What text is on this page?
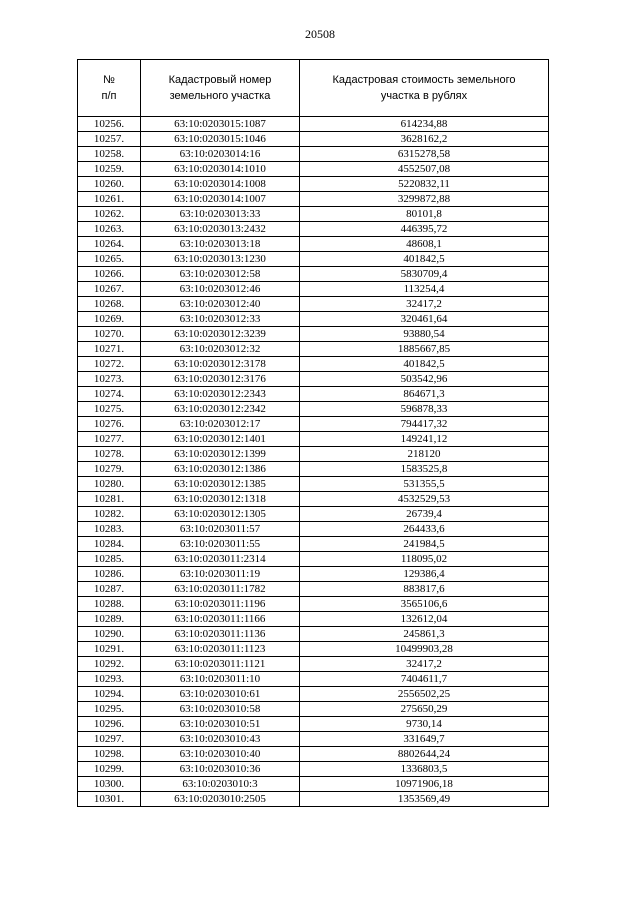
20508
№
п/п	Кадастровый номер земельного участка	Кадастровая стоимость земельного участка в рублях
10256.	63:10:0203015:1087	614234,88
10257.	63:10:0203015:1046	3628162,2
10258.	63:10:0203014:16	6315278,58
10259.	63:10:0203014:1010	4552507,08
10260.	63:10:0203014:1008	5220832,11
10261.	63:10:0203014:1007	3299872,88
10262.	63:10:0203013:33	80101,8
10263.	63:10:0203013:2432	446395,72
10264.	63:10:0203013:18	48608,1
10265.	63:10:0203013:1230	401842,5
10266.	63:10:0203012:58	5830709,4
10267.	63:10:0203012:46	113254,4
10268.	63:10:0203012:40	32417,2
10269.	63:10:0203012:33	320461,64
10270.	63:10:0203012:3239	93880,54
10271.	63:10:0203012:32	1885667,85
10272.	63:10:0203012:3178	401842,5
10273.	63:10:0203012:3176	503542,96
10274.	63:10:0203012:2343	864671,3
10275.	63:10:0203012:2342	596878,33
10276.	63:10:0203012:17	794417,32
10277.	63:10:0203012:1401	149241,12
10278.	63:10:0203012:1399	218120
10279.	63:10:0203012:1386	1583525,8
10280.	63:10:0203012:1385	531355,5
10281.	63:10:0203012:1318	4532529,53
10282.	63:10:0203012:1305	26739,4
10283.	63:10:0203011:57	264433,6
10284.	63:10:0203011:55	241984,5
10285.	63:10:0203011:2314	118095,02
10286.	63:10:0203011:19	129386,4
10287.	63:10:0203011:1782	883817,6
10288.	63:10:0203011:1196	3565106,6
10289.	63:10:0203011:1166	132612,04
10290.	63:10:0203011:1136	245861,3
10291.	63:10:0203011:1123	10499903,28
10292.	63:10:0203011:1121	32417,2
10293.	63:10:0203011:10	7404611,7
10294.	63:10:0203010:61	2556502,25
10295.	63:10:0203010:58	275650,29
10296.	63:10:0203010:51	9730,14
10297.	63:10:0203010:43	331649,7
10298.	63:10:0203010:40	8802644,24
10299.	63:10:0203010:36	1336803,5
10300.	63:10:0203010:3	10971906,18
10301.	63:10:0203010:2505	1353569,49
